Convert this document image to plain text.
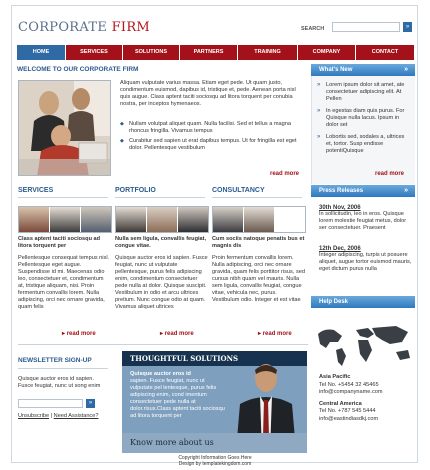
CORPORATE FIRM	SEARCH	»
HOME	SERVICES	SOLUTIONS	PARTNERS	TRAINING	COMPANY	CONTACT
WELCOME TO OUR CORPORATE FIRM
Aliquam vulputate varius massa. Etiam eget pede. Ut quam justo, condimentum euismod, dapibus id, tristique et, pede. Aenean porta nisl quis augue. Class aptent taciti sociosqu ad litora torquent per conubia nostra, per inceptos hymenaeos.
◆ Nullam volutpat aliquet quam. Nulla facilisi. Sed et tellus a magna rhoncus fringilla. Vivamus tempus
◆ Curabitur sed sapien ut erat dapibus tempus. Ut for fringilla est eget dolor. Pellentesque vestibulum
read more
What's New	»
» Lorem ipsum dolor sit amet, ate consectetuer adipiscing elit. At Pellen
» In egestas diam quis purus. For Quisque nulla lacus. Ipsum in dolor set
» Lobortis sed, sodales a, ultrices et, tortor. Susp endisse potentiQuisque
read more
Press Releases	»
30th Nov, 2006
In sollicitudin, leo in eros. Quisque lorem molestie feugiat metus, dolor ser consectetuer. Praesent
12th Dec, 2006
Integer adipiscing, turpis ut posuere aliquet, augue tortor euismod mauris, eget dictum purus nulla
Help Desk
Asia Pacific
Tel No. +5454 32 45465
info@companyname.com
Central America
Tel No. +787 545 5444
info@eastindiasdkj.com
SERVICES	PORTFOLIO	CONSULTANCY
Class aptent taciti sociosqu ad litora torquent per
Pellentesque consequat tempus nisl. Pellentesque eget augue. Suspendisse id mi. Maecenas odio leo, consectetuer et, condimentum at, tristique aliquam, nisi. Proin fermentum convallis lorem. Nulla adipiscing, orci nec ornare gravida, quam felis
Nulla sem ligula, convallis feugiat, congue vitae.
Quisque auctor eros id sapien. Fusce feugiat, nunc ut vulputate pellentesque, purus felis adipiscing enim, condimentum consectetuer pede nulla at dolor. Quisque suscipit. Vestibulum in odio et arcu ultrices pretium. Nunc congue odio at quam. Vivamus aliquet ultrices
Cum sociis natoque penatis bus et magnis dis
Proin fermentum convallis lorem. Nulla adipiscing, orci nec ornare gravida, quam felis porttitor risus, sed cursus nibh quam vel mauris. Nulla sem ligula, convallis feugiat, congue vitae, vehicula nec, purus. Vestibulum odio. Integer et est vitae
▸ read more	▸ read more	▸ read more
NEWSLETTER SIGN-UP
Quisque auctor eros id sapien. Fusce feugiat, nunc ut song enim
»
Unsubscribe | Need Assistance?
THOUGHTFUL SOLUTIONS
Quisque auctor eros id
sapien. Fusce feugiat, nunc ut vulputate pel lentesque, purus felis adipiscing enim, cond imentum consectetuer pede nulla at dolor.risus.Class aptent taciti sociosqu ad litora torquent per
Know more about us
Copyright Information Goes Here
Design by templatekingdom.com
